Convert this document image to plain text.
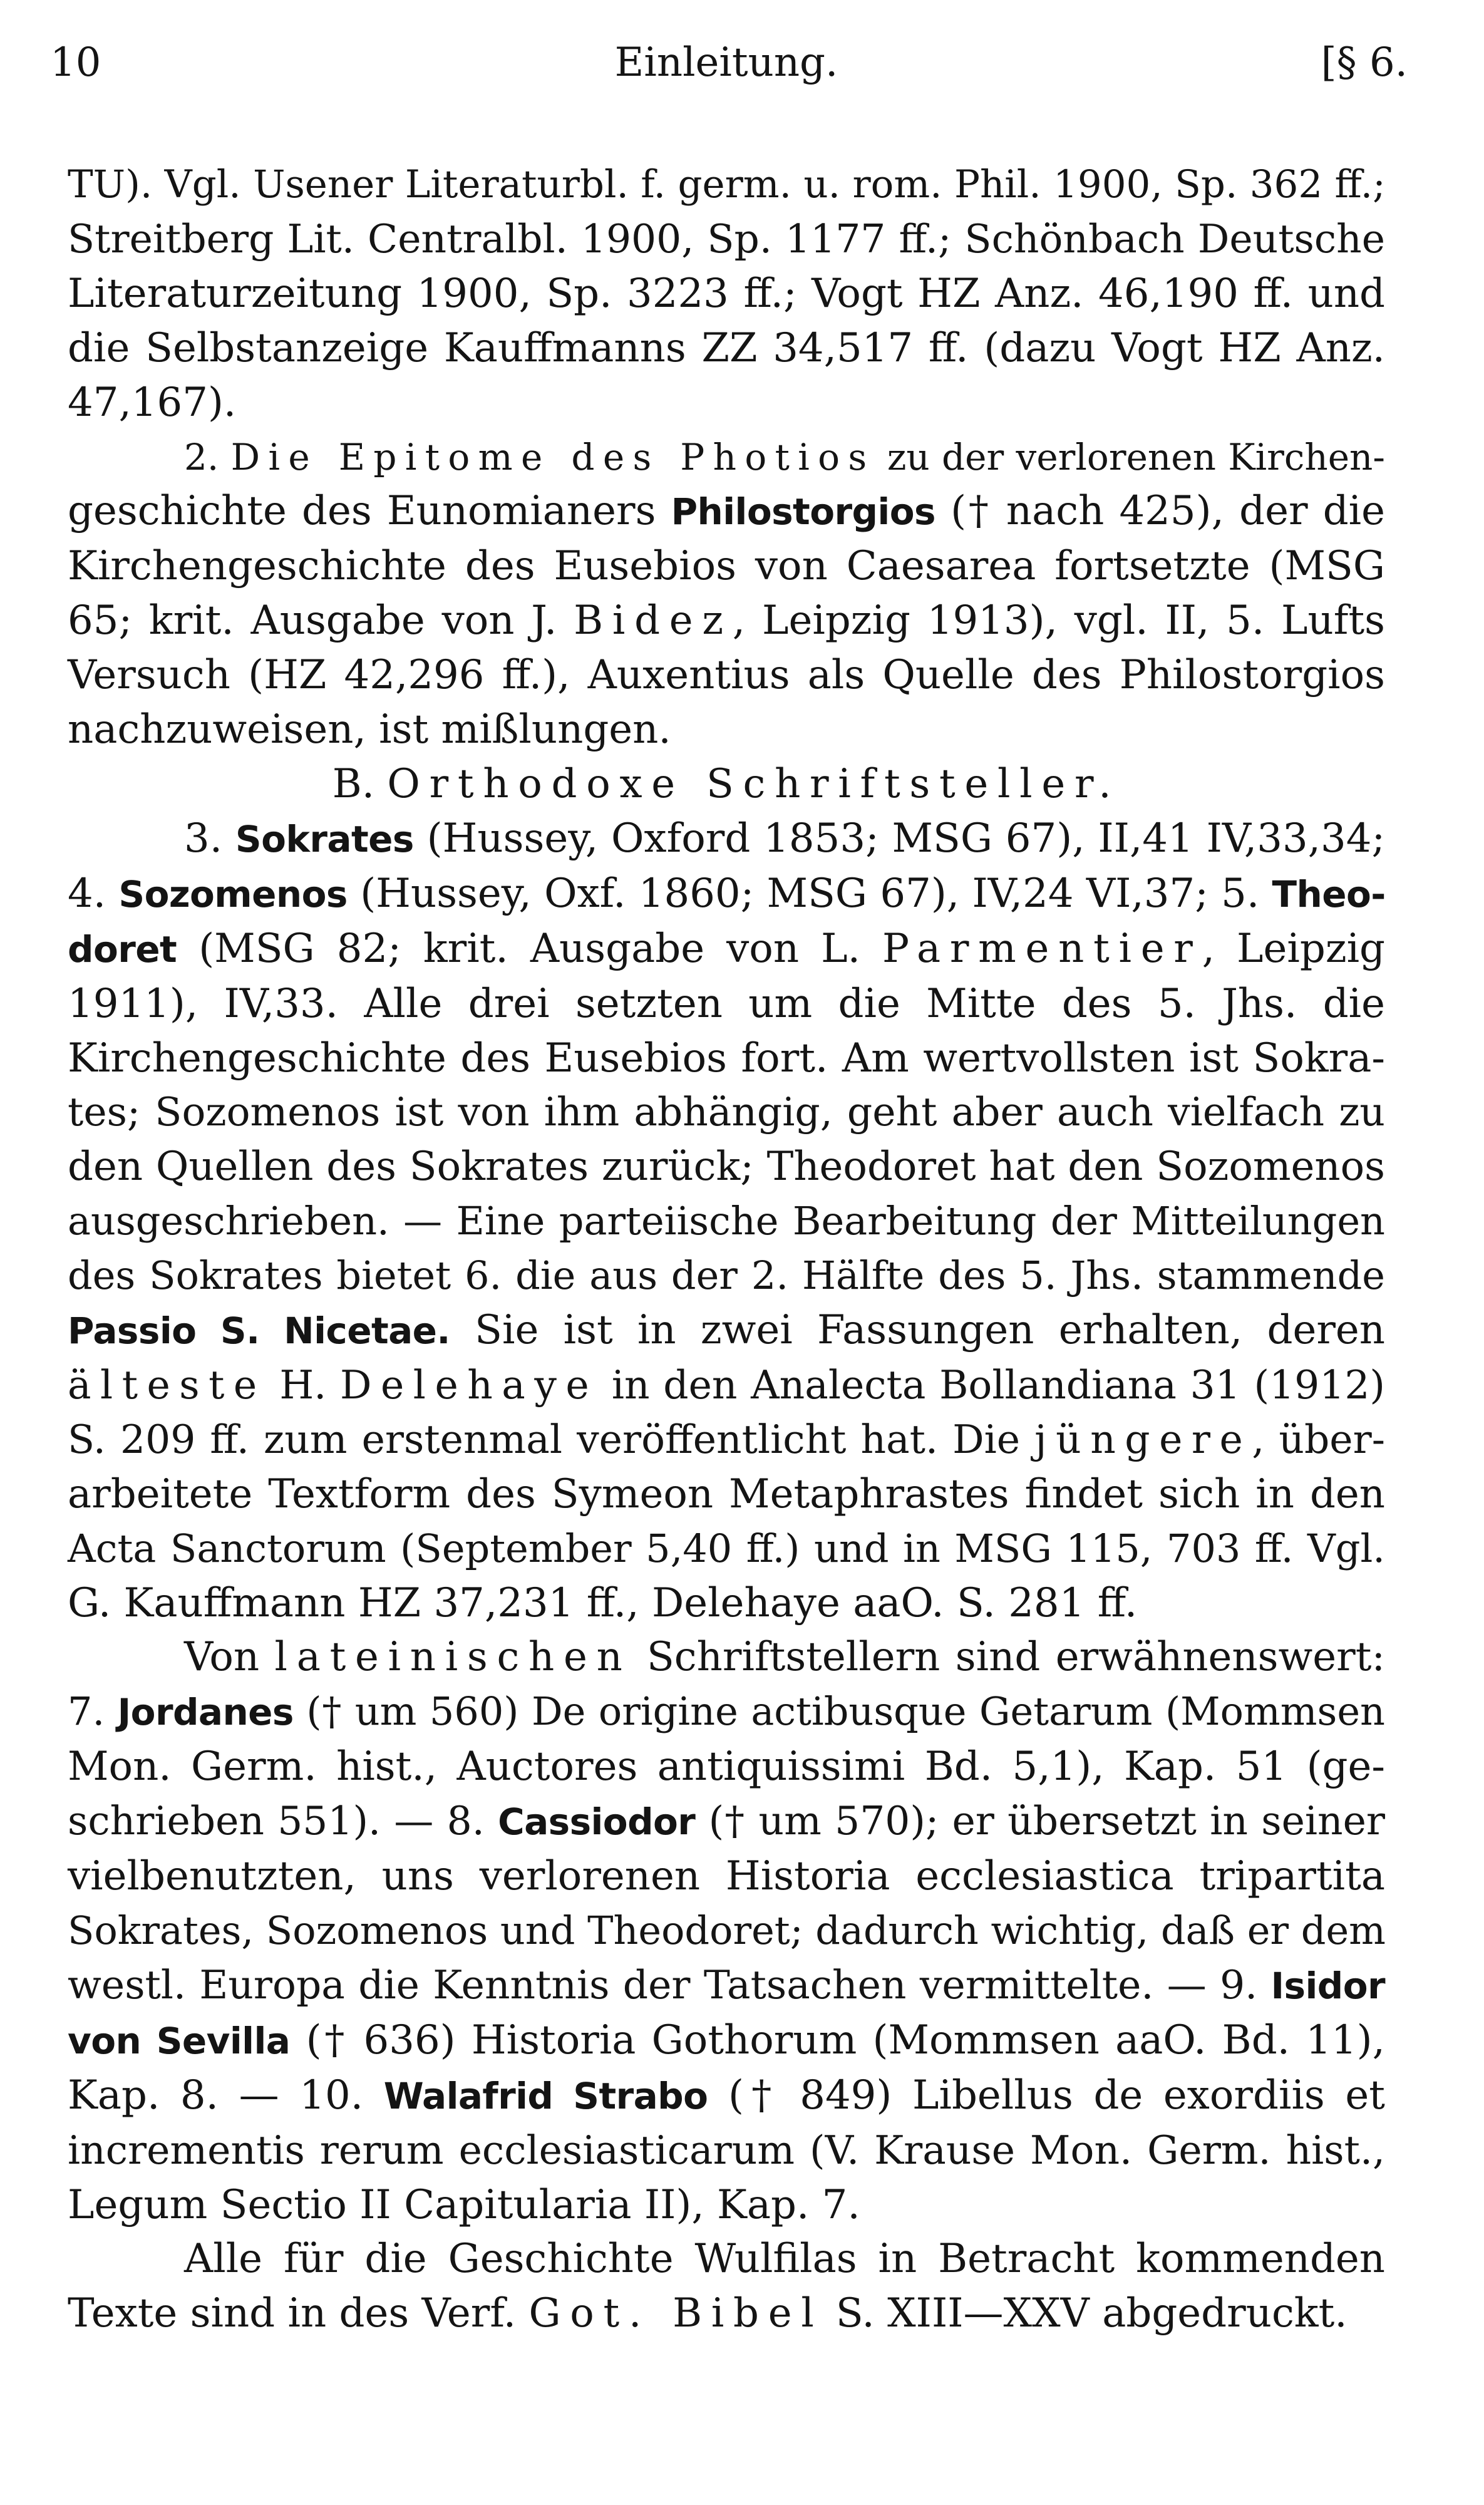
10	Einleitung.	[§ 6.
TU). Vgl. Usener Literaturbl. f. germ. u. rom. Phil. 1900, Sp. 362 ff.;
Streitberg Lit. Centralbl. 1900, Sp. 1177 ff.; Schönbach Deutsche
Literaturzeitung 1900, Sp. 3223 ff.; Vogt HZ Anz. 46,190 ff. und
die Selbstanzeige Kauffmanns ZZ 34,517 ff. (dazu Vogt HZ Anz.
47,167).
2. Die Epitome des Photios zu der verlorenen Kirchen-
geschichte des Eunomianers Philostorgios († nach 425), der die
Kirchengeschichte des Eusebios von Caesarea fortsetzte (MSG
65; krit. Ausgabe von J. Bidez, Leipzig 1913), vgl. II, 5. Lufts
Versuch (HZ 42,296 ff.), Auxentius als Quelle des Philostorgios
nachzuweisen, ist mißlungen.
B. Orthodoxe Schriftsteller.
3. Sokrates (Hussey, Oxford 1853; MSG 67), II,41 IV,33,34;
4. Sozomenos (Hussey, Oxf. 1860; MSG 67), IV,24 VI,37; 5. Theo-
doret (MSG 82; krit. Ausgabe von L. Parmentier, Leipzig
1911), IV,33. Alle drei setzten um die Mitte des 5. Jhs. die
Kirchengeschichte des Eusebios fort. Am wertvollsten ist Sokra-
tes; Sozomenos ist von ihm abhängig, geht aber auch vielfach zu
den Quellen des Sokrates zurück; Theodoret hat den Sozomenos
ausgeschrieben. — Eine parteiische Bearbeitung der Mitteilungen
des Sokrates bietet 6. die aus der 2. Hälfte des 5. Jhs. stammende
Passio S. Nicetae. Sie ist in zwei Fassungen erhalten, deren
älteste H. Delehaye in den Analecta Bollandiana 31 (1912)
S. 209 ff. zum erstenmal veröffentlicht hat. Die jüngere, über-
arbeitete Textform des Symeon Metaphrastes findet sich in den
Acta Sanctorum (September 5,40 ff.) und in MSG 115, 703 ff. Vgl.
G. Kauffmann HZ 37,231 ff., Delehaye aaO. S. 281 ff.
Von lateinischen Schriftstellern sind erwähnenswert:
7. Jordanes († um 560) De origine actibusque Getarum (Mommsen
Mon. Germ. hist., Auctores antiquissimi Bd. 5,1), Kap. 51 (ge-
schrieben 551). — 8. Cassiodor († um 570); er übersetzt in seiner
vielbenutzten, uns verlorenen Historia ecclesiastica tripartita
Sokrates, Sozomenos und Theodoret; dadurch wichtig, daß er dem
westl. Europa die Kenntnis der Tatsachen vermittelte. — 9. Isidor
von Sevilla († 636) Historia Gothorum (Mommsen aaO. Bd. 11),
Kap. 8. — 10. Walafrid Strabo († 849) Libellus de exordiis et
incrementis rerum ecclesiasticarum (V. Krause Mon. Germ. hist.,
Legum Sectio II Capitularia II), Kap. 7.
Alle für die Geschichte Wulfilas in Betracht kommenden
Texte sind in des Verf. Got. Bibel S. XIII—XXV abgedruckt.
